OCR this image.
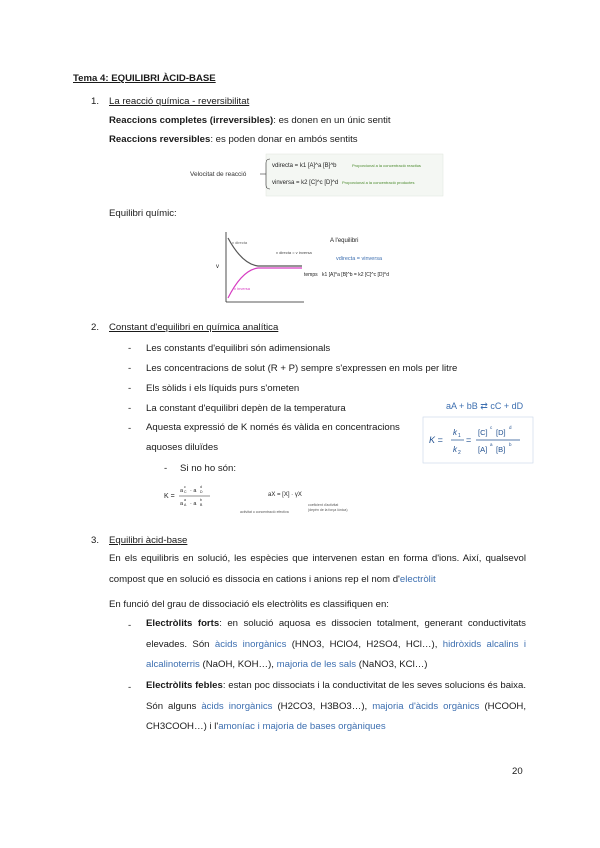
Tema 4: EQUILIBRI ÀCID-BASE
1. La reacció química - reversibilitat
Reaccions completes (irreversibles): es donen en un únic sentit
Reaccions reversibles: es poden donar en ambós sentits
Velocitat de reacció
vdirecta = k1 [A]^a [B]^b
vinversa = k2 [C]^c [D]^d
Proporcional a la concentració reactius
Proporcional a la concentració productes
Equilibri químic:
v
temps
v directa
v inversa
v directa = v inversa
A l'equilibri
vdirecta = vinversa
k1 [A]^a [B]^b = k2 [C]^c [D]^d
2. Constant d'equilibri en química analítica
- Les constants d'equilibri són adimensionals
- Les concentracions de solut (R + P) sempre s'expressen en mols per litre
- Els sòlids i els líquids purs s'ometen
- La constant d'equilibri depèn de la temperatura
- Aquesta expressió de K només és vàlida en concentracions aquoses diluïdes
- Si no ho són:
aA + bB ⇄ cC + dD
K =
k 1
k 2
=
[C]
c
[D]
d
[A]
a
[B]
b
K =
a C
c
· a D
d
a A
a
· a B
b
aX = [X] · γX
activitat o concentració efectiva
coeficient d'activitat
(depèn de la força iònica)
3. Equilibri àcid-base
En els equilibris en solució, les espècies que intervenen estan en forma d'ions. Així, qualsevol compost que en solució es dissocia en cations i anions rep el nom d'electròlit
En funció del grau de dissociació els electròlits es classifiquen en:
- Electròlits forts: en solució aquosa es dissocien totalment, generant conductivitats elevades. Són àcids inorgànics (HNO3, HClO4, H2SO4, HCl…), hidròxids alcalins i alcalinoterris (NaOH, KOH…), majoria de les sals (NaNO3, KCl…)
- Electròlits febles: estan poc dissociats i la conductivitat de les seves solucions és baixa. Són alguns àcids inorgànics (H2CO3, H3BO3…), majoria d'àcids orgànics (HCOOH, CH3COOH…) i l'amoníac i majoria de bases orgàniques
20
